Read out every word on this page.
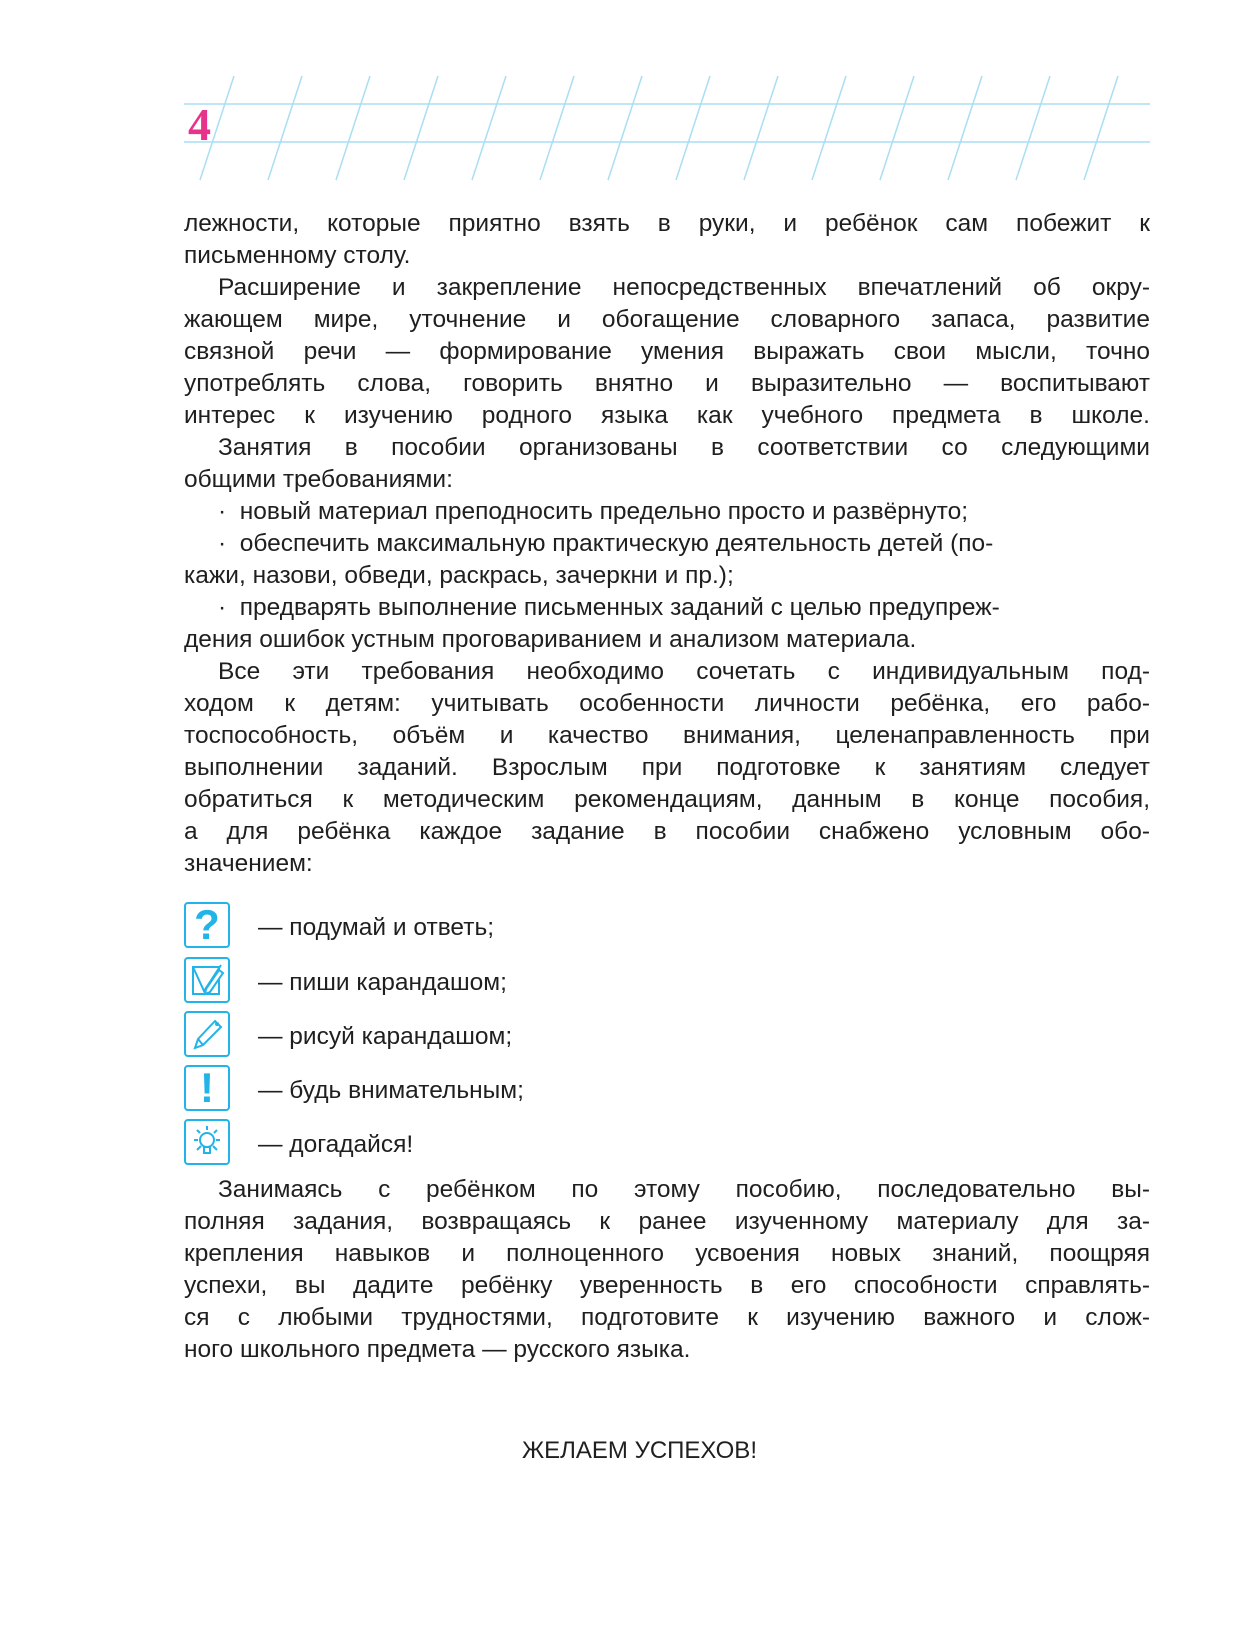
4

лежности, которые приятно взять в руки, и ребёнок сам побежит к
письменному столу.

Расширение и закрепление непосредственных впечатлений об окру-
жающем мире, уточнение и обогащение словарного запаса, развитие
связной речи — формирование умения выражать свои мысли, точно
употреблять слова, говорить внятно и выразительно — воспитывают
интерес к изучению родного языка как учебного предмета в школе.

Занятия в пособии организованы в соответствии со следующими
общими требованиями:

·  новый материал преподносить предельно просто и развёрнуто;

·  обеспечить максимальную практическую деятельность детей (по-
кажи, назови, обведи, раскрась, зачеркни и пр.);

·  предварять выполнение письменных заданий с целью предупреж-
дения ошибок устным проговариванием и анализом материала.

Все эти требования необходимо сочетать с индивидуальным под-
ходом к детям: учитывать особенности личности ребёнка, его рабо-
тоспособность, объём и качество внимания, целенаправленность при
выполнении заданий. Взрослым при подготовке к занятиям следует
обратиться к методическим рекомендациям, данным в конце пособия,
а для ребёнка каждое задание в пособии снабжено условным обо-
значением:

? — подумай и ответь;
— пиши карандашом;
— рисуй карандашом;
! — будь внимательным;
— догадайся!

Занимаясь с ребёнком по этому пособию, последовательно вы-
полняя задания, возвращаясь к ранее изученному материалу для за-
крепления навыков и полноценного усвоения новых знаний, поощряя
успехи, вы дадите ребёнку уверенность в его способности справлять-
ся с любыми трудностями, подготовите к изучению важного и слож-
ного школьного предмета — русского языка.

ЖЕЛАЕМ УСПЕХОВ!
